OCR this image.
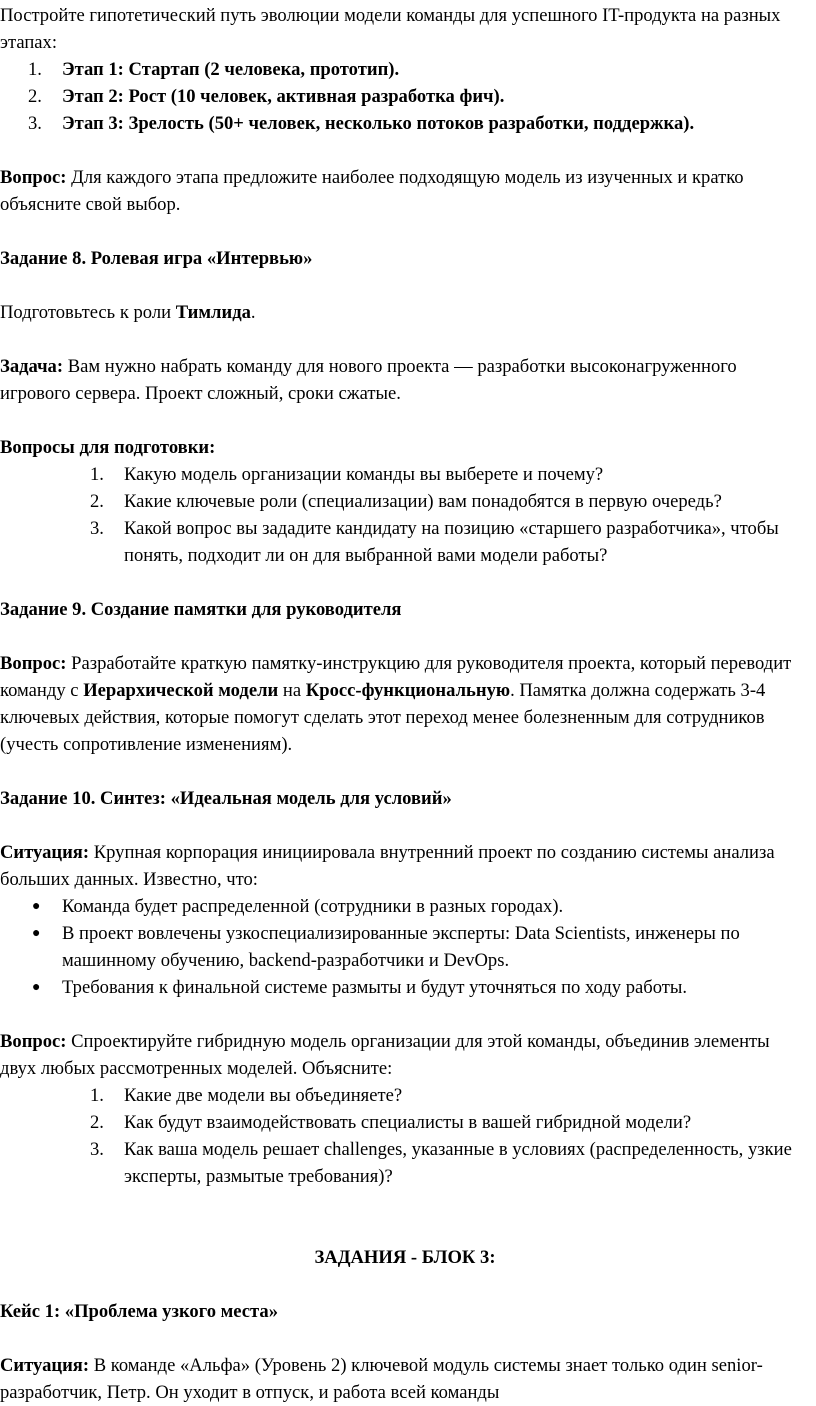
Постройте гипотетический путь эволюции модели команды для успешного IT-продукта на разных этапах:

1. Этап 1: Стартап (2 человека, прототип).
2. Этап 2: Рост (10 человек, активная разработка фич).
3. Этап 3: Зрелость (50+ человек, несколько потоков разработки, поддержка).

Вопрос: Для каждого этапа предложите наиболее подходящую модель из изученных и кратко объясните свой выбор.

Задание 8. Ролевая игра «Интервью»

Подготовьтесь к роли Тимлида.

Задача: Вам нужно набрать команду для нового проекта — разработки высоконагруженного игрового сервера. Проект сложный, сроки сжатые.

Вопросы для подготовки:

1. Какую модель организации команды вы выберете и почему?
2. Какие ключевые роли (специализации) вам понадобятся в первую очередь?
3. Какой вопрос вы зададите кандидату на позицию «старшего разработчика», чтобы понять, подходит ли он для выбранной вами модели работы?

Задание 9. Создание памятки для руководителя

Вопрос: Разработайте краткую памятку-инструкцию для руководителя проекта, который переводит команду с Иерархической модели на Кросс-функциональную. Памятка должна содержать 3-4 ключевых действия, которые помогут сделать этот переход менее болезненным для сотрудников (учесть сопротивление изменениям).

Задание 10. Синтез: «Идеальная модель для условий»

Ситуация: Крупная корпорация инициировала внутренний проект по созданию системы анализа больших данных. Известно, что:

● Команда будет распределенной (сотрудники в разных городах).
● В проект вовлечены узкоспециализированные эксперты: Data Scientists, инженеры по машинному обучению, backend-разработчики и DevOps.
● Требования к финальной системе размыты и будут уточняться по ходу работы.

Вопрос: Спроектируйте гибридную модель организации для этой команды, объединив элементы двух любых рассмотренных моделей. Объясните:

1. Какие две модели вы объединяете?
2. Как будут взаимодействовать специалисты в вашей гибридной модели?
3. Как ваша модель решает challenges, указанные в условиях (распределенность, узкие эксперты, размытые требования)?

ЗАДАНИЯ - БЛОК 3:

Кейс 1: «Проблема узкого места»

Ситуация: В команде «Альфа» (Уровень 2) ключевой модуль системы знает только один senior-разработчик, Петр. Он уходит в отпуск, и работа всей команды
